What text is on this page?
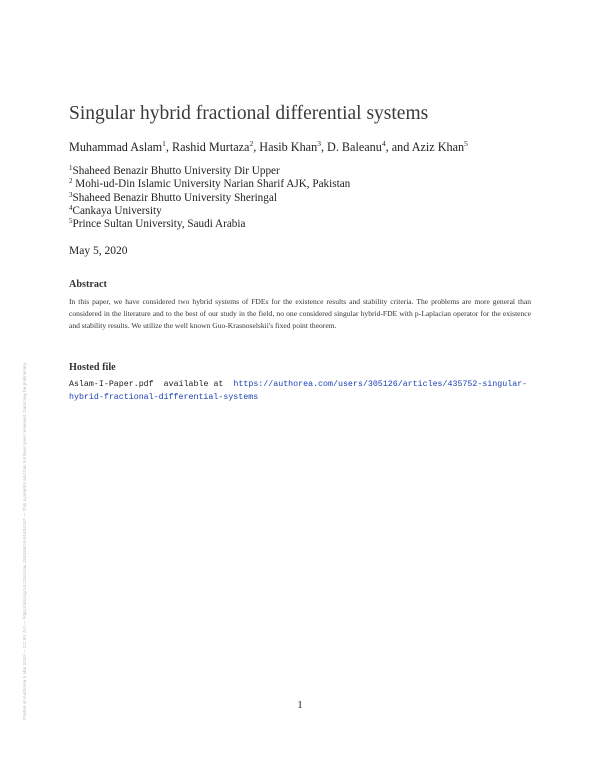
Posted on Authorea 5 Mar 2020 — CC BY 4.0 — https://doi.org/10.22541/au.158339419.91634197 — This a preprint and has not been peer reviewed. Data may be preliminary.
Singular hybrid fractional differential systems
Muhammad Aslam$^1$, Rashid Murtaza$^2$, Hasib Khan$^3$, D. Baleanu$^4$, and Aziz Khan$^5$
$^1$Shaheed Benazir Bhutto University Dir Upper
$^2$ Mohi-ud-Din Islamic University Narian Sharif AJK, Pakistan
$^3$Shaheed Benazir Bhutto University Sheringal
$^4$Cankaya University
$^5$Prince Sultan University, Saudi Arabia
May 5, 2020
Abstract
In this paper, we have considered two hybrid systems of FDEs for the existence results and stability criteria. The problems are more general than considered in the literature and to the best of our study in the field, no one considered singular hybrid-FDE with p-Laplacian operator for the existence and stability results. We utilize the well known Guo-Krasnoselskii's fixed point theorem.
Hosted file
Aslam-I-Paper.pdf available at https://authorea.com/users/305126/articles/435752-singular-hybrid-fractional-differential-systems
1
